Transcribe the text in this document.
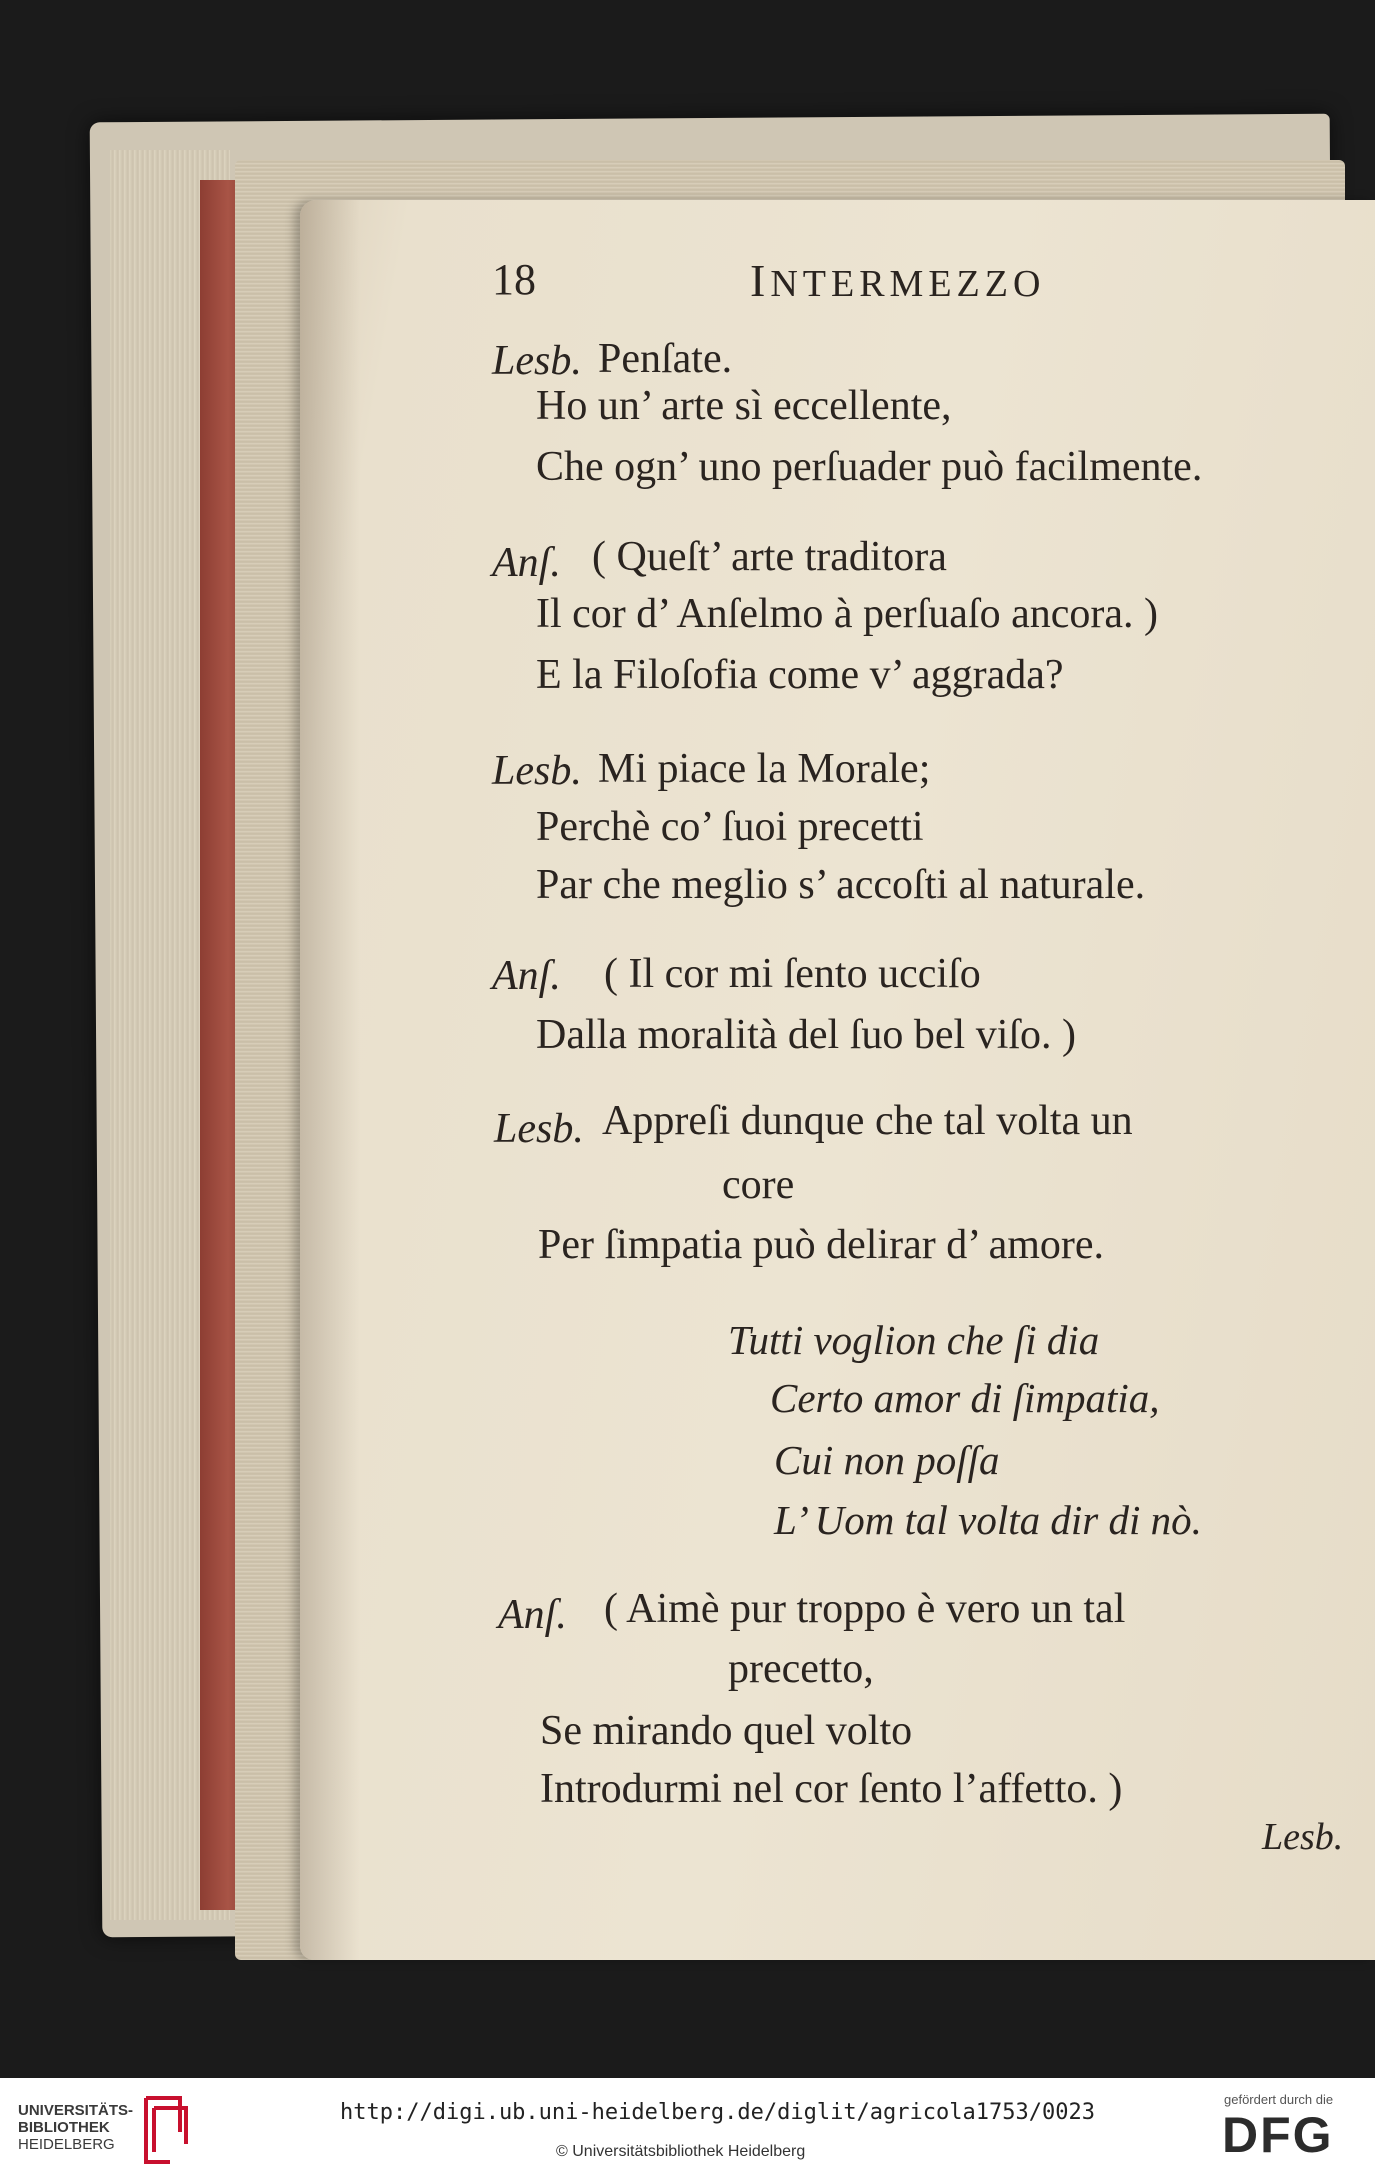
18	INTERMEZZO
Lesb. Penſate.
Ho un’ arte sì eccellente,
Che ogn’ uno perſuader può facilmente.
Anſ. ( Queſt’ arte traditora
Il cor d’ Anſelmo à perſuaſo ancora. )
E la Filoſofia come v’ aggrada?
Lesb. Mi piace la Morale;
Perchè co’ ſuoi precetti
Par che meglio s’ accoſti al naturale.
Anſ. ( Il cor mi ſento ucciſo
Dalla moralità del ſuo bel viſo. )
Lesb. Appreſi dunque che tal volta un
core
Per ſimpatia può delirar d’ amore.
Tutti voglion che ſi dia
Certo amor di ſimpatia,
Cui non poſſa
L’ Uom tal volta dir di nò.
Anſ. ( Aimè pur troppo è vero un tal
precetto,
Se mirando quel volto
Introdurmi nel cor ſento l’affetto. )
Lesb.
UNIVERSITÄTS-
BIBLIOTHEK
HEIDELBERG
http://digi.ub.uni-heidelberg.de/diglit/agricola1753/0023
© Universitätsbibliothek Heidelberg
gefördert durch die
DFG
